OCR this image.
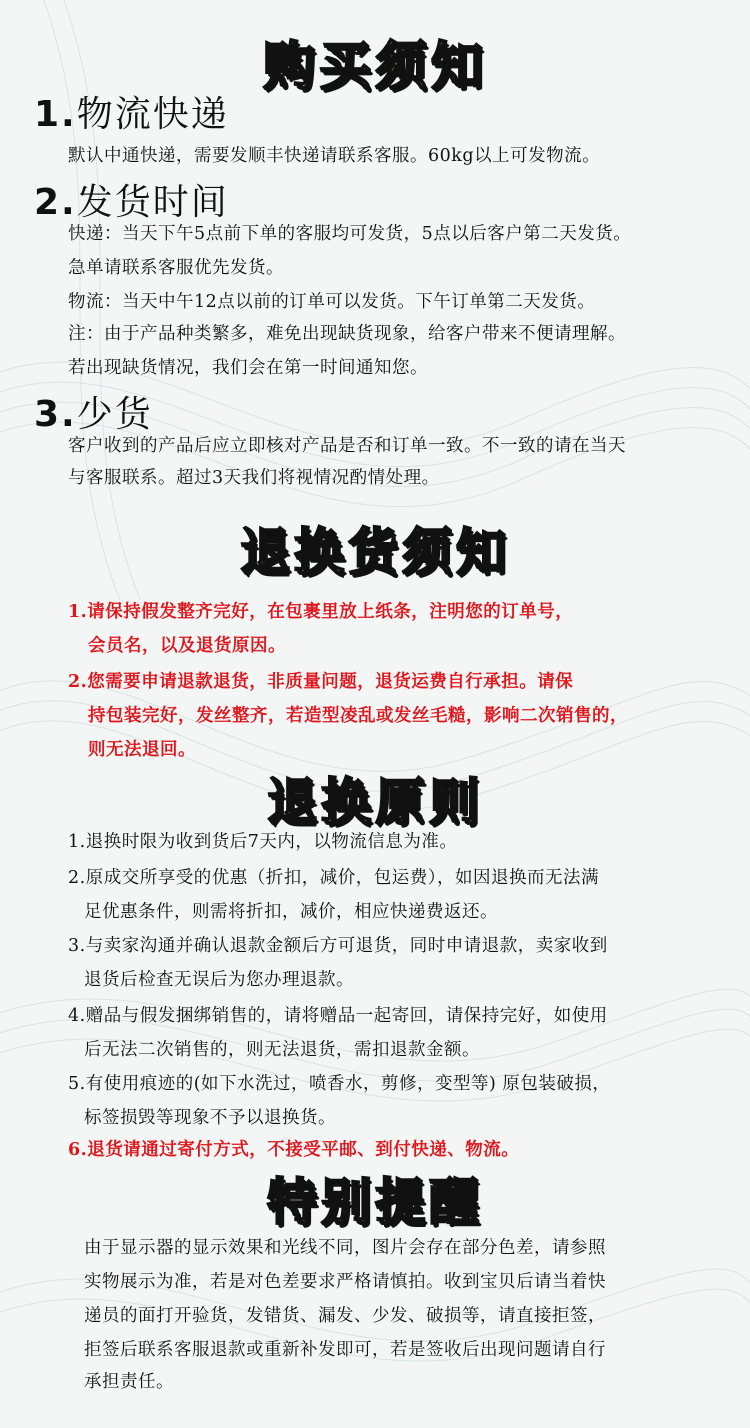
购买须知
1.物流快递
默认中通快递，需要发顺丰快递请联系客服。60kg以上可发物流。
2.发货时间
快递：当天下午5点前下单的客服均可发货，5点以后客户第二天发货。
急单请联系客服优先发货。
物流：当天中午12点以前的订单可以发货。下午订单第二天发货。
注：由于产品种类繁多，难免出现缺货现象，给客户带来不便请理解。
若出现缺货情况，我们会在第一时间通知您。
3.少货
客户收到的产品后应立即核对产品是否和订单一致。不一致的请在当天
与客服联系。超过3天我们将视情况酌情处理。
退换货须知
1.请保持假发整齐完好，在包裹里放上纸条，注明您的订单号，
会员名，以及退货原因。
2.您需要申请退款退货，非质量问题，退货运费自行承担。请保
持包装完好，发丝整齐，若造型凌乱或发丝毛糙，影响二次销售的，
则无法退回。
退换原则
1.退换时限为收到货后7天内，以物流信息为准。
2.原成交所享受的优惠（折扣，减价，包运费），如因退换而无法满
足优惠条件，则需将折扣，减价，相应快递费返还。
3.与卖家沟通并确认退款金额后方可退货，同时申请退款，卖家收到
退货后检查无误后为您办理退款。
4.赠品与假发捆绑销售的，请将赠品一起寄回，请保持完好，如使用
后无法二次销售的，则无法退货，需扣退款金额。
5.有使用痕迹的(如下水洗过，喷香水，剪修，变型等) 原包装破损，
标签损毁等现象不予以退换货。
6.退货请通过寄付方式，不接受平邮、到付快递、物流。
特别提醒
由于显示器的显示效果和光线不同，图片会存在部分色差，请参照
实物展示为准，若是对色差要求严格请慎拍。收到宝贝后请当着快
递员的面打开验货，发错货、漏发、少发、破损等，请直接拒签，
拒签后联系客服退款或重新补发即可，若是签收后出现问题请自行
承担责任。
